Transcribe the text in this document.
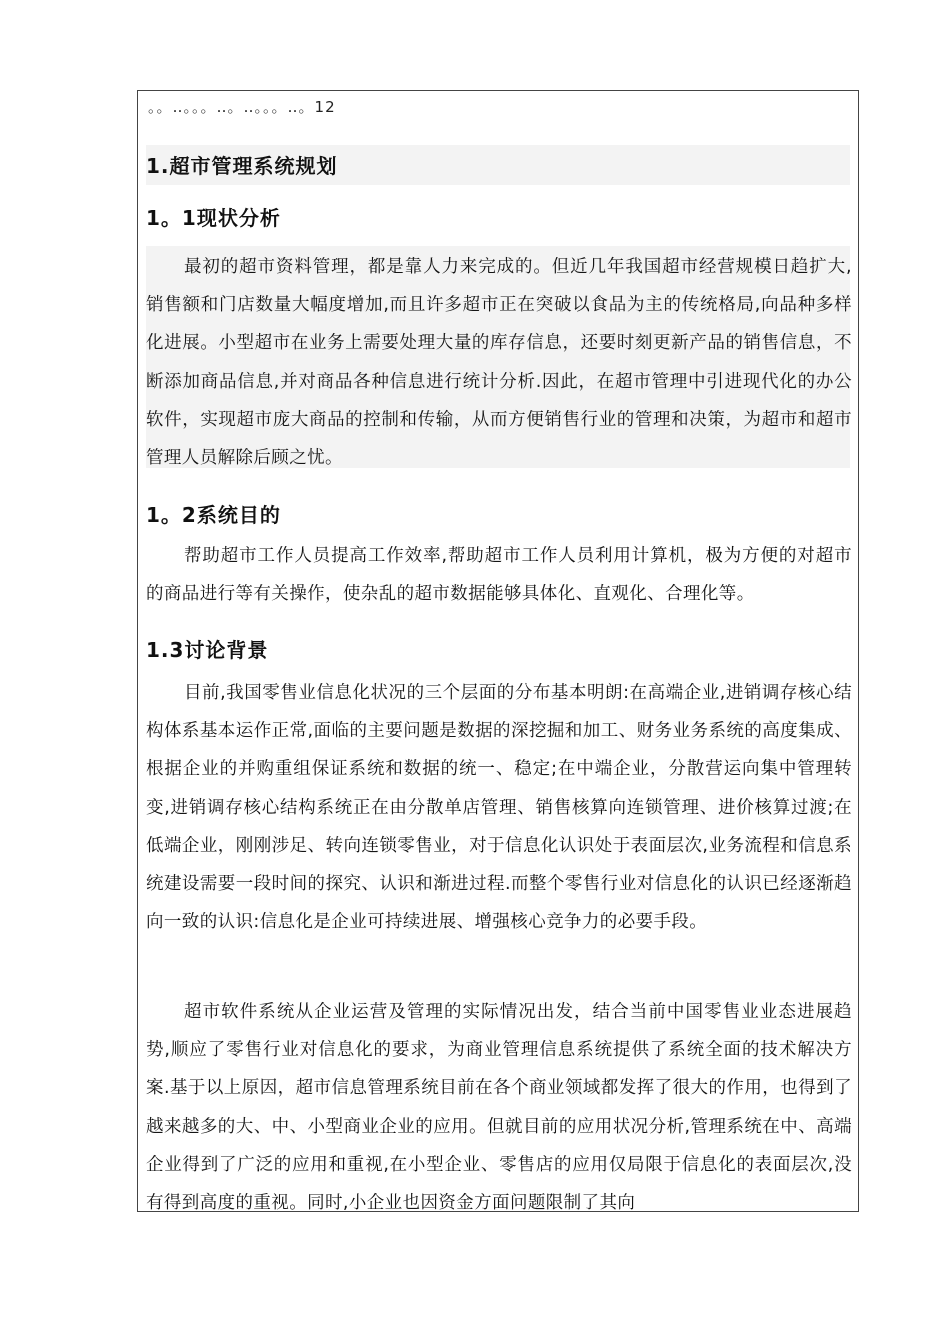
。。‥。。。‥。‥。。。‥。12
1.超市管理系统规划
1。1现状分析

最初的超市资料管理，都是靠人力来完成的。但近几年我国超市经营规模日趋扩大,销售额和门店数量大幅度增加,而且许多超市正在突破以食品为主的传统格局,向品种多样化进展。小型超市在业务上需要处理大量的库存信息，还要时刻更新产品的销售信息，不断添加商品信息,并对商品各种信息进行统计分析.因此，在超市管理中引进现代化的办公软件，实现超市庞大商品的控制和传输，从而方便销售行业的管理和决策，为超市和超市管理人员解除后顾之忧。

1。2系统目的

帮助超市工作人员提高工作效率,帮助超市工作人员利用计算机，极为方便的对超市的商品进行等有关操作，使杂乱的超市数据能够具体化、直观化、合理化等。

1.3讨论背景

目前,我国零售业信息化状况的三个层面的分布基本明朗:在高端企业,进销调存核心结构体系基本运作正常,面临的主要问题是数据的深挖掘和加工、财务业务系统的高度集成、根据企业的并购重组保证系统和数据的统一、稳定;在中端企业，分散营运向集中管理转变,进销调存核心结构系统正在由分散单店管理、销售核算向连锁管理、进价核算过渡;在低端企业，刚刚涉足、转向连锁零售业，对于信息化认识处于表面层次,业务流程和信息系统建设需要一段时间的探究、认识和渐进过程.而整个零售行业对信息化的认识已经逐渐趋向一致的认识:信息化是企业可持续进展、增强核心竞争力的必要手段。

超市软件系统从企业运营及管理的实际情况出发，结合当前中国零售业业态进展趋势,顺应了零售行业对信息化的要求，为商业管理信息系统提供了系统全面的技术解决方案.基于以上原因，超市信息管理系统目前在各个商业领域都发挥了很大的作用，也得到了越来越多的大、中、小型商业企业的应用。但就目前的应用状况分析,管理系统在中、高端企业得到了广泛的应用和重视,在小型企业、零售店的应用仅局限于信息化的表面层次,没有得到高度的重视。同时,小企业也因资金方面问题限制了其向
